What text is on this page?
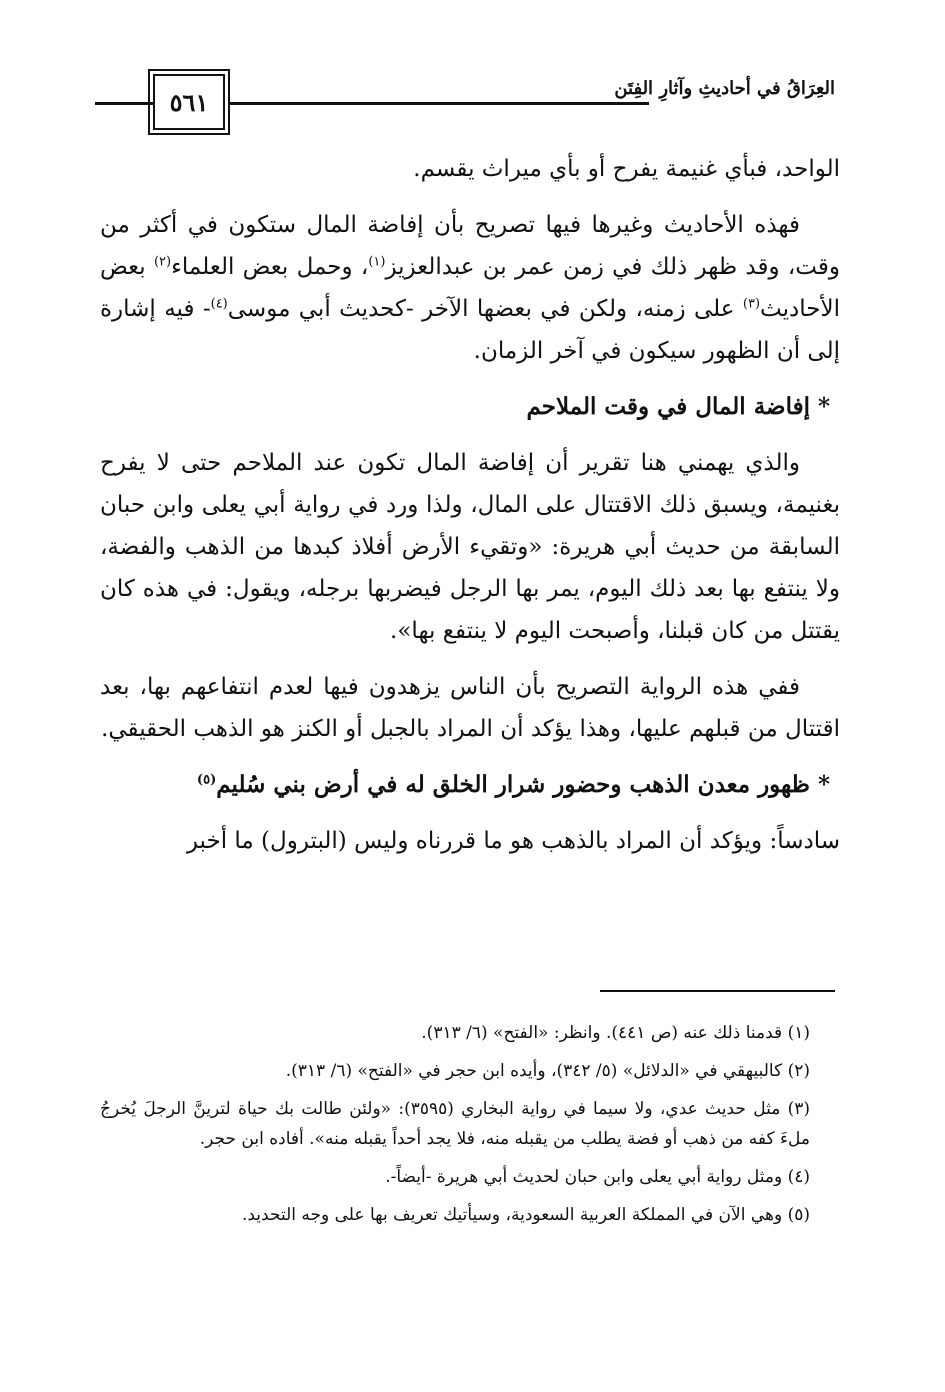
٥٦١	العِرَاقُ في أحاديثِ وآثارِ الفِتَن

الواحد، فبأي غنيمة يفرح أو بأي ميراث يقسم.

فهذه الأحاديث وغيرها فيها تصريح بأن إفاضة المال ستكون في أكثر من وقت، وقد ظهر ذلك في زمن عمر بن عبدالعزيز$^{(١)}$، وحمل بعض العلماء$^{(٢)}$ بعض الأحاديث$^{(٣)}$ على زمنه، ولكن في بعضها الآخر -كحديث أبي موسى$^{(٤)}$- فيه إشارة إلى أن الظهور سيكون في آخر الزمان.

* إفاضة المال في وقت الملاحم

والذي يهمني هنا تقرير أن إفاضة المال تكون عند الملاحم حتى لا يفرح بغنيمة، ويسبق ذلك الاقتتال على المال، ولذا ورد في رواية أبي يعلى وابن حبان السابقة من حديث أبي هريرة: «وتقيء الأرض أفلاذ كبدها من الذهب والفضة، ولا ينتفع بها بعد ذلك اليوم، يمر بها الرجل فيضربها برجله، ويقول: في هذه كان يقتتل من كان قبلنا، وأصبحت اليوم لا ينتفع بها».

ففي هذه الرواية التصريح بأن الناس يزهدون فيها لعدم انتفاعهم بها، بعد اقتتال من قبلهم عليها، وهذا يؤكد أن المراد بالجبل أو الكنز هو الذهب الحقيقي.

* ظهور معدن الذهب وحضور شرار الخلق له في أرض بني سُليم$^{(٥)}$

سادساً: ويؤكد أن المراد بالذهب هو ما قررناه وليس (البترول) ما أخبر

(١) قدمنا ذلك عنه (ص ٤٤١). وانظر: «الفتح» (٦/ ٣١٣).

(٢) كالبيهقي في «الدلائل» (٥/ ٣٤٢)، وأيده ابن حجر في «الفتح» (٦/ ٣١٣).

(٣) مثل حديث عدي، ولا سيما في رواية البخاري (٣٥٩٥): «ولئن طالت بك حياة لترينَّ الرجلَ يُخرجُ ملءَ كفه من ذهب أو فضة يطلب من يقبله منه، فلا يجد أحداً يقبله منه». أفاده ابن حجر.

(٤) ومثل رواية أبي يعلى وابن حبان لحديث أبي هريرة -أيضاً-.

(٥) وهي الآن في المملكة العربية السعودية، وسيأتيك تعريف بها على وجه التحديد.
